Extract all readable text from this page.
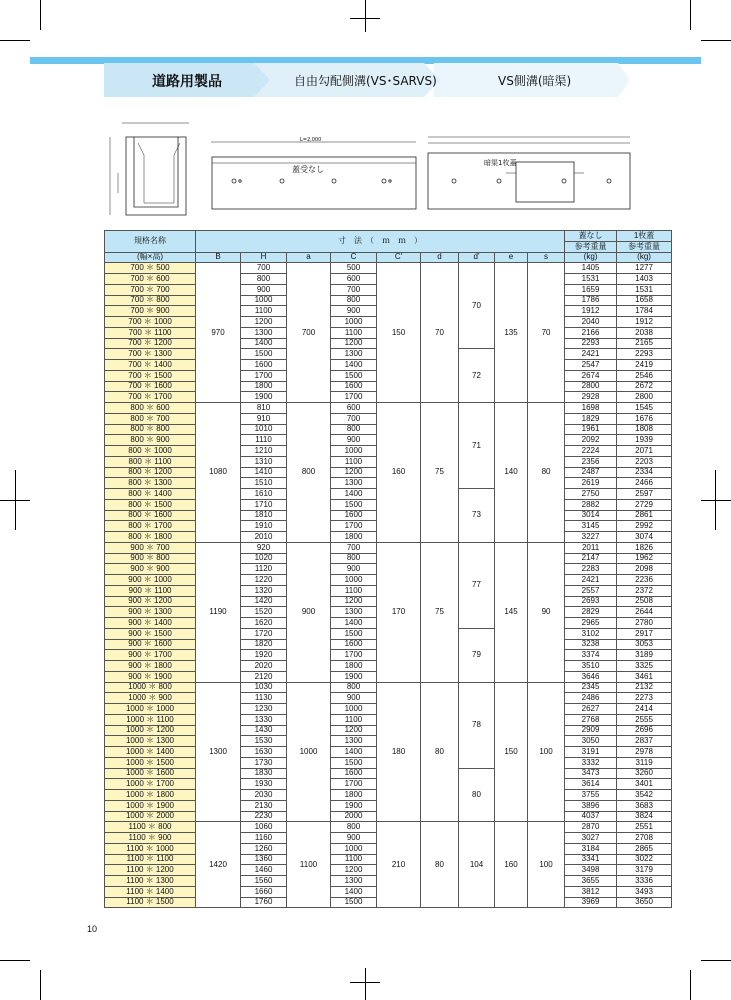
道路用製品	自由勾配側溝(VS･SARVS)	VS側溝(暗渠)
蓋受なし
L=2,000
暗渠1枚蓋
規格名称	寸　法　（　ｍ　ｍ　）									蓋なし	1枚蓋
										参考重量	参考重量
(幅×高)	B	H	a	C	C'	d	d'	e	s	(kg)	(kg)
700 ＊ 500	970	700	700	500	150	70	70	135	70	1405	1277
700 ＊ 600		800		600						1531	1403
700 ＊ 700		900		700						1659	1531
700 ＊ 800		1000		800						1786	1658
700 ＊ 900		1100		900						1912	1784
700 ＊ 1000		1200		1000						2040	1912
700 ＊ 1100		1300		1100						2166	2038
700 ＊ 1200		1400		1200						2293	2165
700 ＊ 1300		1500		1300			72			2421	2293
700 ＊ 1400		1600		1400						2547	2419
700 ＊ 1500		1700		1500						2674	2546
700 ＊ 1600		1800		1600						2800	2672
700 ＊ 1700		1900		1700						2928	2800
800 ＊ 600	1080	810	800	600	160	75	71	140	80	1698	1545
800 ＊ 700		910		700						1829	1676
800 ＊ 800		1010		800						1961	1808
800 ＊ 900		1110		900						2092	1939
800 ＊ 1000		1210		1000						2224	2071
800 ＊ 1100		1310		1100						2356	2203
800 ＊ 1200		1410		1200						2487	2334
800 ＊ 1300		1510		1300						2619	2466
800 ＊ 1400		1610		1400			73			2750	2597
800 ＊ 1500		1710		1500						2882	2729
800 ＊ 1600		1810		1600						3014	2861
800 ＊ 1700		1910		1700						3145	2992
800 ＊ 1800		2010		1800						3227	3074
900 ＊ 700	1190	920	900	700	170	75	77	145	90	2011	1826
900 ＊ 800		1020		800						2147	1962
900 ＊ 900		1120		900						2283	2098
900 ＊ 1000		1220		1000						2421	2236
900 ＊ 1100		1320		1100						2557	2372
900 ＊ 1200		1420		1200						2693	2508
900 ＊ 1300		1520		1300						2829	2644
900 ＊ 1400		1620		1400						2965	2780
900 ＊ 1500		1720		1500			79			3102	2917
900 ＊ 1600		1820		1600						3238	3053
900 ＊ 1700		1920		1700						3374	3189
900 ＊ 1800		2020		1800						3510	3325
900 ＊ 1900		2120		1900						3646	3461
1000 ＊ 800	1300	1030	1000	800	180	80	78	150	100	2345	2132
1000 ＊ 900		1130		900						2486	2273
1000 ＊ 1000		1230		1000						2627	2414
1000 ＊ 1100		1330		1100						2768	2555
1000 ＊ 1200		1430		1200						2909	2696
1000 ＊ 1300		1530		1300						3050	2837
1000 ＊ 1400		1630		1400						3191	2978
1000 ＊ 1500		1730		1500						3332	3119
1000 ＊ 1600		1830		1600			80			3473	3260
1000 ＊ 1700		1930		1700						3614	3401
1000 ＊ 1800		2030		1800						3755	3542
1000 ＊ 1900		2130		1900						3896	3683
1000 ＊ 2000		2230		2000						4037	3824
1100 ＊ 800	1420	1060	1100	800	210	80	104	160	100	2870	2551
1100 ＊ 900		1160		900						3027	2708
1100 ＊ 1000		1260		1000						3184	2865
1100 ＊ 1100		1360		1100						3341	3022
1100 ＊ 1200		1460		1200						3498	3179
1100 ＊ 1300		1560		1300						3655	3336
1100 ＊ 1400		1660		1400						3812	3493
1100 ＊ 1500		1760		1500						3969	3650
10
